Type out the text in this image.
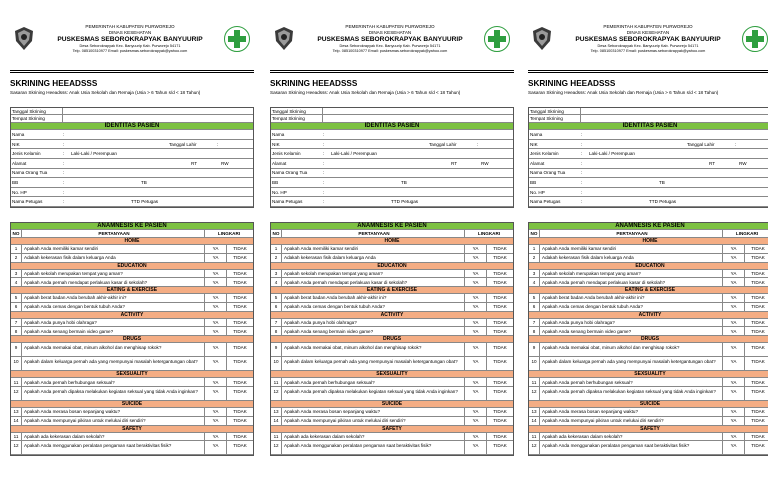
PEMERINTAH KABUPATEN PURWOREJO
DINAS KESEHATAN
PUSKESMAS SEBOROKRAPYAK BANYUURIP
Desa Seborokrapyak Kec. Banyuurip Kab. Purworejo 54171
Telp. 085100310977 Email: puskesmas.seborokrapyak@yahoo.com
SKRINING HEEADSSS
Sasaran Skrining Heeadsss: Anak Usia Sekolah dan Remaja (Usia > 6 Tahun s/d < 18 Tahun)
Tanggal Skrining
Tempat Skrining
IDENTITAS PASIEN
Nama	:
NIK	:	Tanggal Lahir	:
Jenis Kelamin	:	Laki-Laki / Perempuan
Alamat	:	RT	RW
Nama Orang Tua	:
BB	:	TB
No. HP	:
Nama Petugas	:	TTD Petugas
ANAMNESIS KE PASIEN
NO	PERTANYAAN	LINGKARI
HOME
1	Apakah Anda memiliki kamar sendiri	YA	TIDAK
2	Adakah kekerasan fisik dalam keluarga Anda	YA	TIDAK
EDUCATION
3	Apakah sekolah merupakan tempat yang aman?	YA	TIDAK
4	Apakah Anda pernah mendapat perlakuan kasar di sekolah?	YA	TIDAK
EATING & EXERCISE
5	Apakah berat badan Anda berubah akhir-akhir ini?	YA	TIDAK
6	Apakah Anda cemas dengan bentuk tubuh Anda?	YA	TIDAK
ACTIVITY
7	Apakah Anda punya hobi olahraga?	YA	TIDAK
8	Apakah Anda senang bermain video game?	YA	TIDAK
DRUGS
9	Apakah Anda memakai obat, minum alkohol dan menghisap rokok?	YA	TIDAK
10	Apakah dalam keluarga pernah ada yang mempunyai masalah ketergantungan obat?	YA	TIDAK
SEXSUALITY
11	Apakah Anda pernah berhubungan seksual?	YA	TIDAK
12	Apakah Anda pernah dipaksa melakukan kegiatan seksual yang tidak Anda inginkan?	YA	TIDAK
SUICIDE
13	Apakah Anda merasa bosan sepanjang waktu?	YA	TIDAK
14	Apakah Anda mempunyai pikiran untuk melukai diri sendiri?	YA	TIDAK
SAFETY
11	Apakah ada kekerasan dalam sekolah?	YA	TIDAK
12	Apakah Anda menggunakan peralatan pengaman saat beraktivitas fisik?	YA	TIDAK
PEMERINTAH KABUPATEN PURWOREJO
DINAS KESEHATAN
PUSKESMAS SEBOROKRAPYAK BANYUURIP
Desa Seborokrapyak Kec. Banyuurip Kab. Purworejo 54171
Telp. 085100310977 Email: puskesmas.seborokrapyak@yahoo.com
SKRINING HEEADSSS
Sasaran Skrining Heeadsss: Anak Usia Sekolah dan Remaja (Usia > 6 Tahun s/d < 18 Tahun)
Tanggal Skrining
Tempat Skrining
IDENTITAS PASIEN
Nama	:
NIK	:	Tanggal Lahir	:
Jenis Kelamin	:	Laki-Laki / Perempuan
Alamat	:	RT	RW
Nama Orang Tua	:
BB	:	TB
No. HP	:
Nama Petugas	:	TTD Petugas
ANAMNESIS KE PASIEN
NO	PERTANYAAN	LINGKARI
HOME
1	Apakah Anda memiliki kamar sendiri	YA	TIDAK
2	Adakah kekerasan fisik dalam keluarga Anda	YA	TIDAK
EDUCATION
3	Apakah sekolah merupakan tempat yang aman?	YA	TIDAK
4	Apakah Anda pernah mendapat perlakuan kasar di sekolah?	YA	TIDAK
EATING & EXERCISE
5	Apakah berat badan Anda berubah akhir-akhir ini?	YA	TIDAK
6	Apakah Anda cemas dengan bentuk tubuh Anda?	YA	TIDAK
ACTIVITY
7	Apakah Anda punya hobi olahraga?	YA	TIDAK
8	Apakah Anda senang bermain video game?	YA	TIDAK
DRUGS
9	Apakah Anda memakai obat, minum alkohol dan menghisap rokok?	YA	TIDAK
10	Apakah dalam keluarga pernah ada yang mempunyai masalah ketergantungan obat?	YA	TIDAK
SEXSUALITY
11	Apakah Anda pernah berhubungan seksual?	YA	TIDAK
12	Apakah Anda pernah dipaksa melakukan kegiatan seksual yang tidak Anda inginkan?	YA	TIDAK
SUICIDE
13	Apakah Anda merasa bosan sepanjang waktu?	YA	TIDAK
14	Apakah Anda mempunyai pikiran untuk melukai diri sendiri?	YA	TIDAK
SAFETY
11	Apakah ada kekerasan dalam sekolah?	YA	TIDAK
12	Apakah Anda menggunakan peralatan pengaman saat beraktivitas fisik?	YA	TIDAK
PEMERINTAH KABUPATEN PURWOREJO
DINAS KESEHATAN
PUSKESMAS SEBOROKRAPYAK BANYUURIP
Desa Seborokrapyak Kec. Banyuurip Kab. Purworejo 54171
Telp. 085100310977 Email: puskesmas.seborokrapyak@yahoo.com
SKRINING HEEADSSS
Sasaran Skrining Heeadsss: Anak Usia Sekolah dan Remaja (Usia > 6 Tahun s/d < 18 Tahun)
Tanggal Skrining
Tempat Skrining
IDENTITAS PASIEN
Nama	:
NIK	:	Tanggal Lahir	:
Jenis Kelamin	:	Laki-Laki / Perempuan
Alamat	:	RT	RW
Nama Orang Tua	:
BB	:	TB
No. HP	:
Nama Petugas	:	TTD Petugas
ANAMNESIS KE PASIEN
NO	PERTANYAAN	LINGKARI
HOME
1	Apakah Anda memiliki kamar sendiri	YA	TIDAK
2	Adakah kekerasan fisik dalam keluarga Anda	YA	TIDAK
EDUCATION
3	Apakah sekolah merupakan tempat yang aman?	YA	TIDAK
4	Apakah Anda pernah mendapat perlakuan kasar di sekolah?	YA	TIDAK
EATING & EXERCISE
5	Apakah berat badan Anda berubah akhir-akhir ini?	YA	TIDAK
6	Apakah Anda cemas dengan bentuk tubuh Anda?	YA	TIDAK
ACTIVITY
7	Apakah Anda punya hobi olahraga?	YA	TIDAK
8	Apakah Anda senang bermain video game?	YA	TIDAK
DRUGS
9	Apakah Anda memakai obat, minum alkohol dan menghisap rokok?	YA	TIDAK
10	Apakah dalam keluarga pernah ada yang mempunyai masalah ketergantungan obat?	YA	TIDAK
SEXSUALITY
11	Apakah Anda pernah berhubungan seksual?	YA	TIDAK
12	Apakah Anda pernah dipaksa melakukan kegiatan seksual yang tidak Anda inginkan?	YA	TIDAK
SUICIDE
13	Apakah Anda merasa bosan sepanjang waktu?	YA	TIDAK
14	Apakah Anda mempunyai pikiran untuk melukai diri sendiri?	YA	TIDAK
SAFETY
11	Apakah ada kekerasan dalam sekolah?	YA	TIDAK
12	Apakah Anda menggunakan peralatan pengaman saat beraktivitas fisik?	YA	TIDAK
